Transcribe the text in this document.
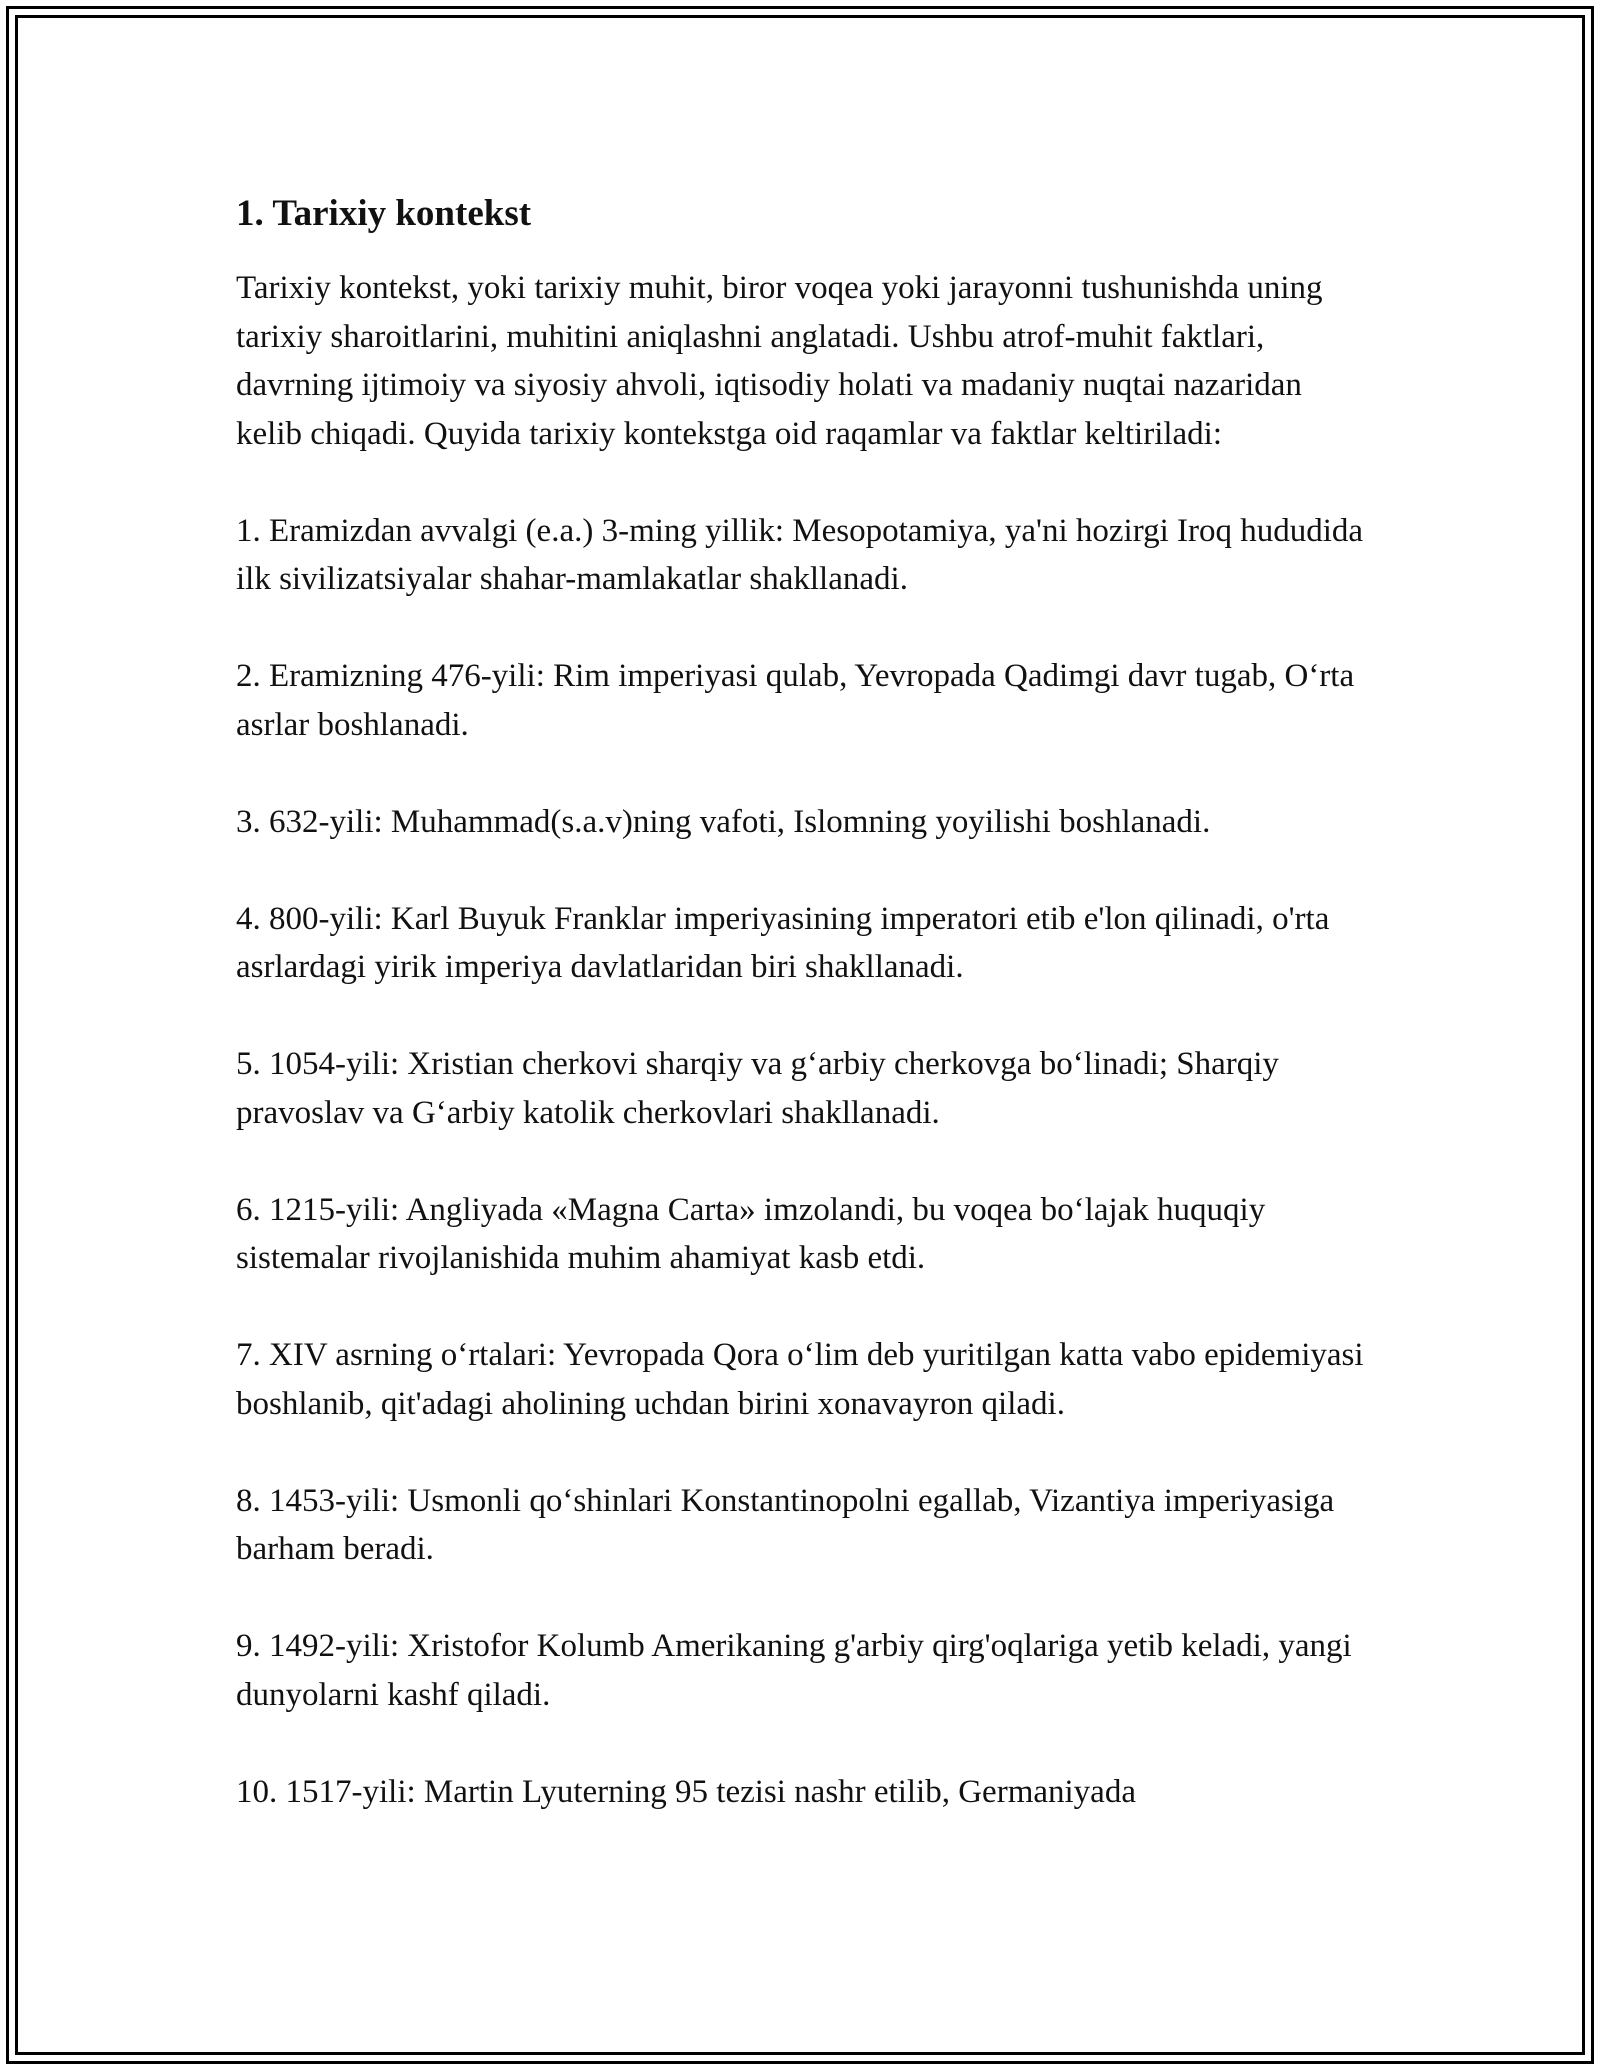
1. Tarixiy kontekst

Tarixiy kontekst, yoki tarixiy muhit, biror voqea yoki jarayonni tushunishda uning tarixiy sharoitlarini, muhitini aniqlashni anglatadi. Ushbu atrof-muhit faktlari, davrning ijtimoiy va siyosiy ahvoli, iqtisodiy holati va madaniy nuqtai nazaridan kelib chiqadi. Quyida tarixiy kontekstga oid raqamlar va faktlar keltiriladi:

1. Eramizdan avvalgi (e.a.) 3-ming yillik: Mesopotamiya, ya'ni hozirgi Iroq hududida ilk sivilizatsiyalar shahar-mamlakatlar shakllanadi.
2. Eramizning 476-yili: Rim imperiyasi qulab, Yevropada Qadimgi davr tugab, O‘rta asrlar boshlanadi.
3. 632-yili: Muhammad(s.a.v)ning vafoti, Islomning yoyilishi boshlanadi.
4. 800-yili: Karl Buyuk Franklar imperiyasining imperatori etib e'lon qilinadi, o'rta asrlardagi yirik imperiya davlatlaridan biri shakllanadi.
5. 1054-yili: Xristian cherkovi sharqiy va g‘arbiy cherkovga bo‘linadi; Sharqiy pravoslav va G‘arbiy katolik cherkovlari shakllanadi.
6. 1215-yili: Angliyada «Magna Carta» imzolandi, bu voqea bo‘lajak huquqiy sistemalar rivojlanishida muhim ahamiyat kasb etdi.
7. XIV asrning o‘rtalari: Yevropada Qora o‘lim deb yuritilgan katta vabo epidemiyasi boshlanib, qit'adagi aholining uchdan birini xonavayron qiladi.
8. 1453-yili: Usmonli qo‘shinlari Konstantinopolni egallab, Vizantiya imperiyasiga barham beradi.
9. 1492-yili: Xristofor Kolumb Amerikaning g'arbiy qirg'oqlariga yetib keladi, yangi dunyolarni kashf qiladi.
10. 1517-yili: Martin Lyuterning 95 tezisi nashr etilib, Germaniyada
